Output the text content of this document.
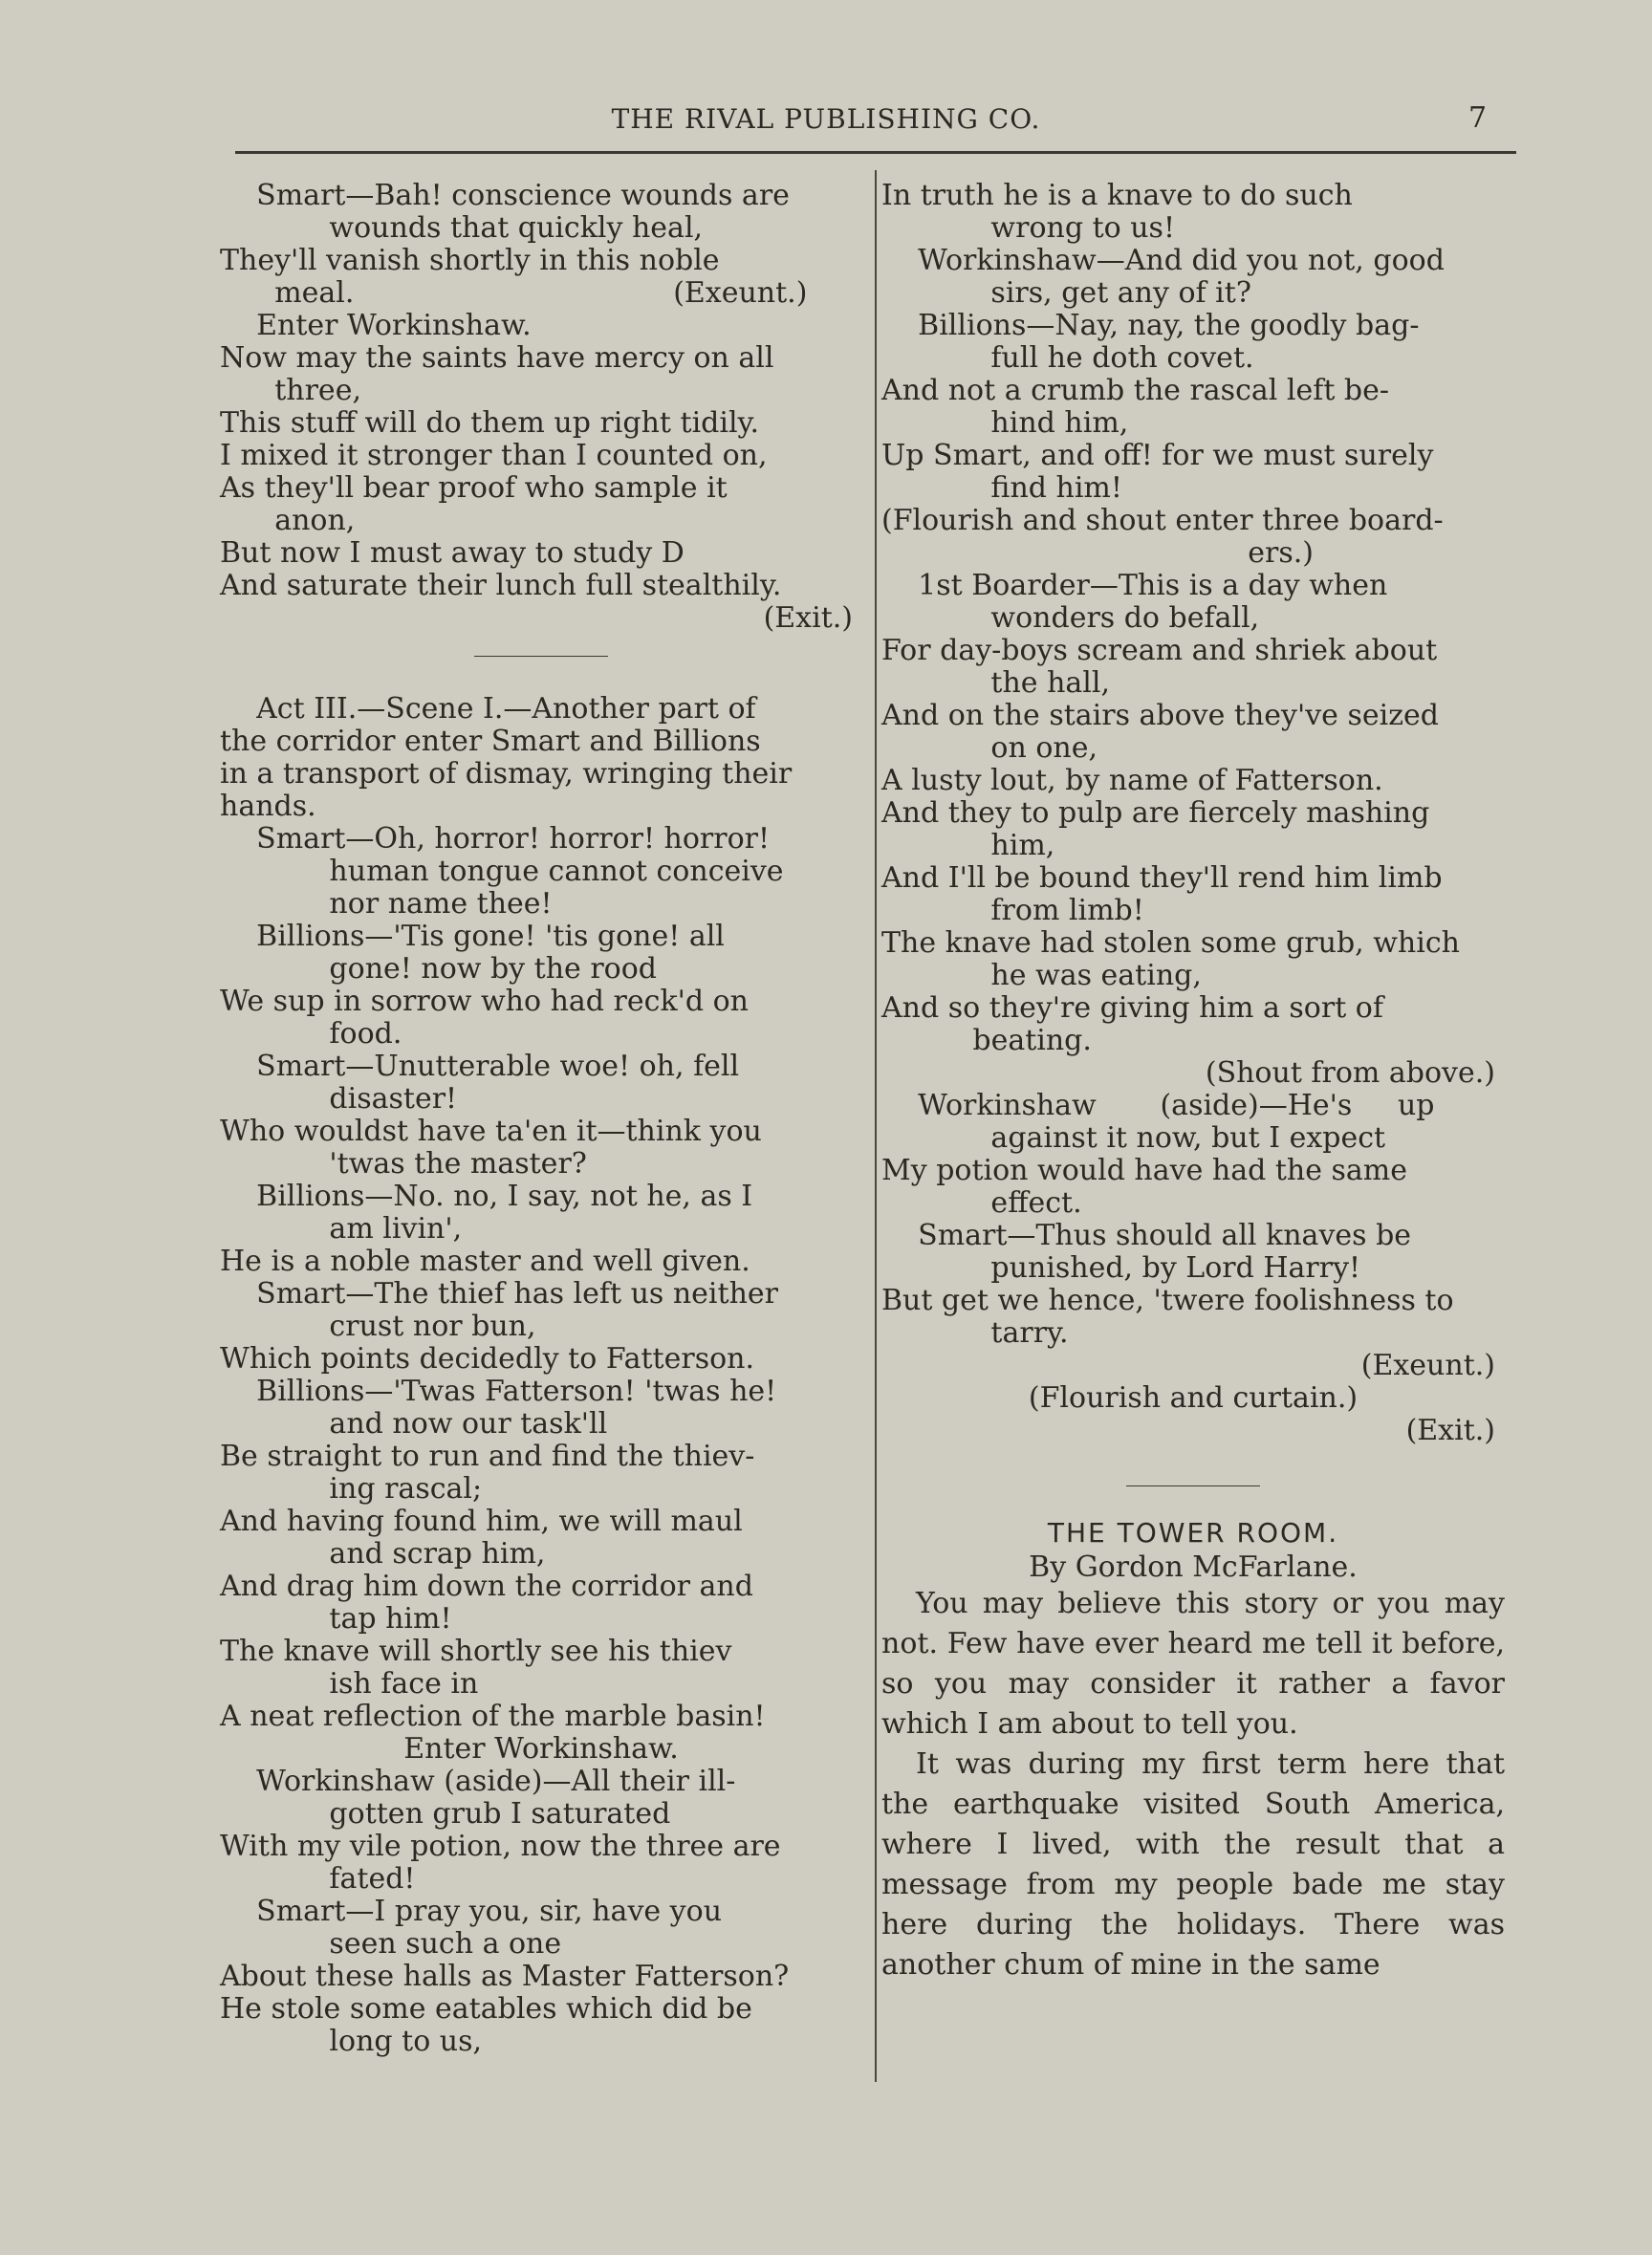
THE RIVAL PUBLISHING CO.	7
Smart—Bah! conscience wounds are
wounds that quickly heal,
They'll vanish shortly in this noble
meal.                                   (Exeunt.)
Enter Workinshaw.
Now may the saints have mercy on all
three,
This stuff will do them up right tidily.
I mixed it stronger than I counted on,
As they'll bear proof who sample it
anon,
But now I must away to study D
And saturate their lunch full stealthily.
(Exit.)
Act III.—Scene I.—Another part of
the corridor enter Smart and Billions
in a transport of dismay, wringing their
hands.
Smart—Oh, horror! horror! horror!
human tongue cannot conceive
nor name thee!
Billions—'Tis gone! 'tis gone! all
gone! now by the rood
We sup in sorrow who had reck'd on
food.
Smart—Unutterable woe! oh, fell
disaster!
Who wouldst have ta'en it—think you
'twas the master?
Billions—No. no, I say, not he, as I
am livin',
He is a noble master and well given.
Smart—The thief has left us neither
crust nor bun,
Which points decidedly to Fatterson.
Billions—'Twas Fatterson! 'twas he!
and now our task'll
Be straight to run and find the thiev-
ing rascal;
And having found him, we will maul
and scrap him,
And drag him down the corridor and
tap him!
The knave will shortly see his thiev
ish face in
A neat reflection of the marble basin!
Enter Workinshaw.
Workinshaw (aside)—All their ill-
gotten grub I saturated
With my vile potion, now the three are
fated!
Smart—I pray you, sir, have you
seen such a one
About these halls as Master Fatterson?
He stole some eatables which did be
long to us,
In truth he is a knave to do such
wrong to us!
Workinshaw—And did you not, good
sirs, get any of it?
Billions—Nay, nay, the goodly bag-
full he doth covet.
And not a crumb the rascal left be-
hind him,
Up Smart, and off! for we must surely
find him!
(Flourish and shout enter three board-
ers.)
1st Boarder—This is a day when
wonders do befall,
For day-boys scream and shriek about
the hall,
And on the stairs above they've seized
on one,
A lusty lout, by name of Fatterson.
And they to pulp are fiercely mashing
him,
And I'll be bound they'll rend him limb
from limb!
The knave had stolen some grub, which
he was eating,
And so they're giving him a sort of
beating.
(Shout from above.)
Workinshaw       (aside)—He's     up
against it now, but I expect
My potion would have had the same
effect.
Smart—Thus should all knaves be
punished, by Lord Harry!
But get we hence, 'twere foolishness to
tarry.
(Exeunt.)
(Flourish and curtain.)
(Exit.)
THE TOWER ROOM.
By Gordon McFarlane.

You may believe this story or you may not. Few have ever heard me tell it before, so you may consider it rather a favor which I am about to tell you.

It was during my first term here that the earthquake visited South America, where I lived, with the result that a message from my people bade me stay here during the holidays. There was another chum of mine in the same
